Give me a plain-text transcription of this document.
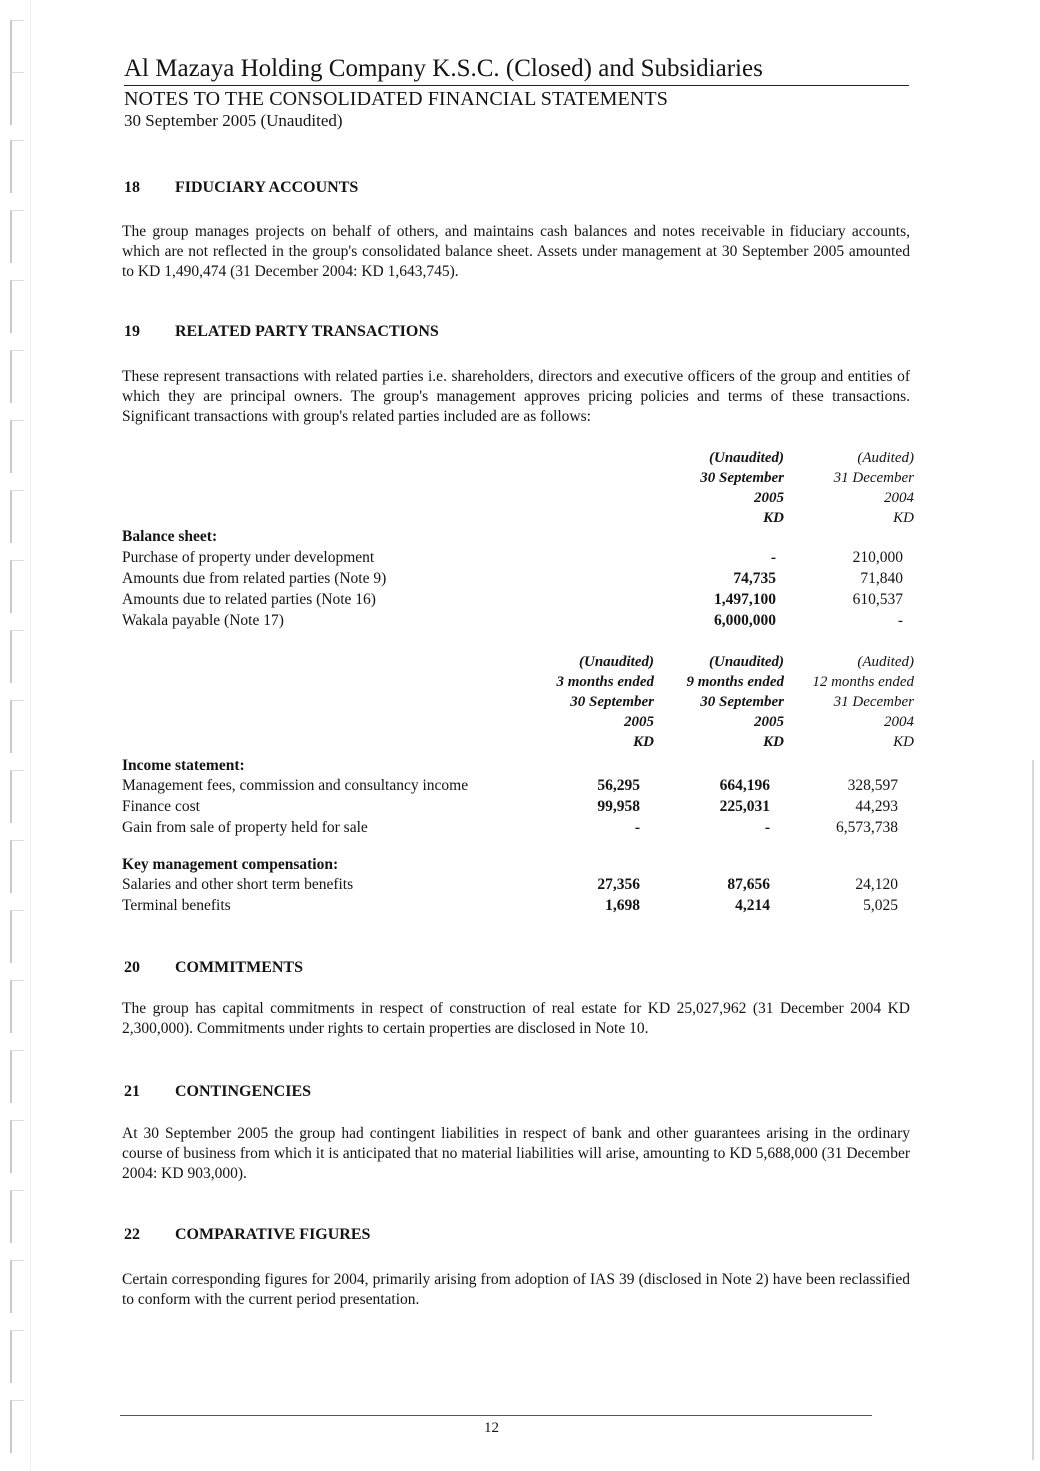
Al Mazaya Holding Company K.S.C. (Closed) and Subsidiaries
NOTES TO THE CONSOLIDATED FINANCIAL STATEMENTS
30 September 2005 (Unaudited)
18 FIDUCIARY ACCOUNTS
The group manages projects on behalf of others, and maintains cash balances and notes receivable in fiduciary accounts, which are not reflected in the group's consolidated balance sheet. Assets under management at 30 September 2005 amounted to KD 1,490,474 (31 December 2004: KD 1,643,745).
19 RELATED PARTY TRANSACTIONS
These represent transactions with related parties i.e. shareholders, directors and executive officers of the group and entities of which they are principal owners. The group's management approves pricing policies and terms of these transactions. Significant transactions with group's related parties included are as follows:
(Unaudited)
30 September
2005
KD
(Audited)
31 December
2004
KD
Balance sheet:
Purchase of property under development	-	210,000
Amounts due from related parties (Note 9)	74,735	71,840
Amounts due to related parties (Note 16)	1,497,100	610,537
Wakala payable (Note 17)	6,000,000	-
(Unaudited)
3 months ended
30 September
2005
KD
(Unaudited)
9 months ended
30 September
2005
KD
(Audited)
12 months ended
31 December
2004
KD
Income statement:
Management fees, commission and consultancy income	56,295	664,196	328,597
Finance cost	99,958	225,031	44,293
Gain from sale of property held for sale	-	-	6,573,738
Key management compensation:
Salaries and other short term benefits	27,356	87,656	24,120
Terminal benefits	1,698	4,214	5,025
20 COMMITMENTS
The group has capital commitments in respect of construction of real estate for KD 25,027,962 (31 December 2004 KD 2,300,000). Commitments under rights to certain properties are disclosed in Note 10.
21 CONTINGENCIES
At 30 September 2005 the group had contingent liabilities in respect of bank and other guarantees arising in the ordinary course of business from which it is anticipated that no material liabilities will arise, amounting to KD 5,688,000 (31 December 2004: KD 903,000).
22 COMPARATIVE FIGURES
Certain corresponding figures for 2004, primarily arising from adoption of IAS 39 (disclosed in Note 2) have been reclassified to conform with the current period presentation.
12
